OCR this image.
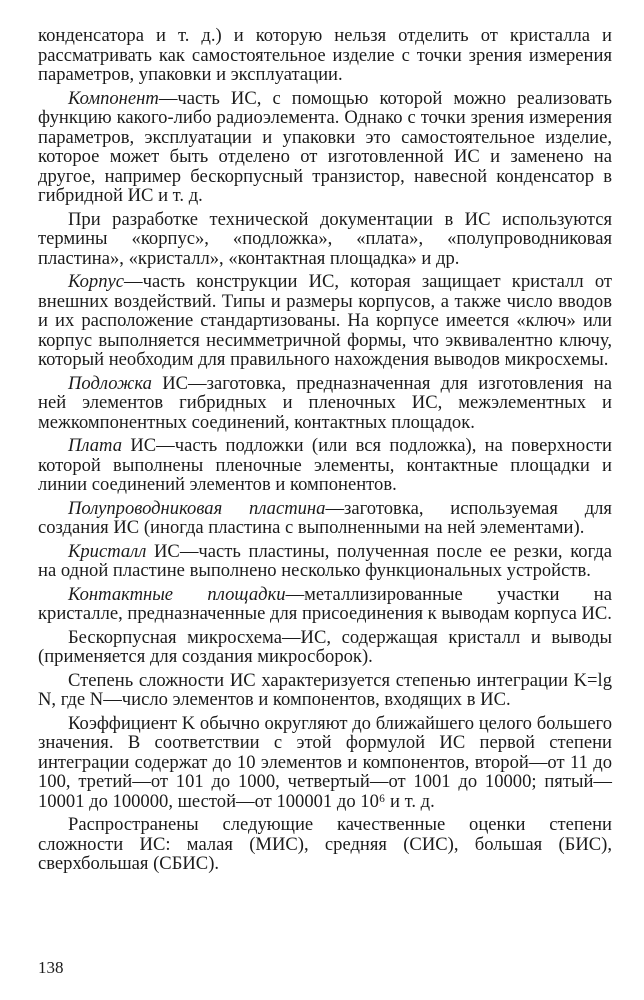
конденсатора и т. д.) и которую нельзя отделить от кристалла и рассматривать как самостоятельное изделие с точки зрения измерения параметров, упаковки и эксплуатации.

Компонент—часть ИС, с помощью которой можно реализовать функцию какого-либо радиоэлемента. Однако с точки зрения измерения параметров, эксплуатации и упаковки это самостоятельное изделие, которое может быть отделено от изготовленной ИС и заменено на другое, например бескорпусный транзистор, навесной конденсатор в гибридной ИС и т. д.

При разработке технической документации в ИС используются термины «корпус», «подложка», «плата», «полупроводниковая пластина», «кристалл», «контактная площадка» и др.

Корпус—часть конструкции ИС, которая защищает кристалл от внешних воздействий. Типы и размеры корпусов, а также число вводов и их расположение стандартизованы. На корпусе имеется «ключ» или корпус выполняется несимметричной формы, что эквивалентно ключу, который необходим для правильного нахождения выводов микросхемы.

Подложка ИС—заготовка, предназначенная для изготовления на ней элементов гибридных и пленочных ИС, межэлементных и межкомпонентных соединений, контактных площадок.

Плата ИС—часть подложки (или вся подложка), на поверхности которой выполнены пленочные элементы, контактные площадки и линии соединений элементов и компонентов.

Полупроводниковая пластина—заготовка, используемая для создания ИС (иногда пластина с выполненными на ней элементами).

Кристалл ИС—часть пластины, полученная после ее резки, когда на одной пластине выполнено несколько функциональных устройств.

Контактные площадки—металлизированные участки на кристалле, предназначенные для присоединения к выводам корпуса ИС.

Бескорпусная микросхема—ИС, содержащая кристалл и выводы (применяется для создания микросборок).

Степень сложности ИС характеризуется степенью интеграции K=lg N, где N—число элементов и компонентов, входящих в ИС.

Коэффициент K обычно округляют до ближайшего целого большего значения. В соответствии с этой формулой ИС первой степени интеграции содержат до 10 элементов и компонентов, второй—от 11 до 100, третий—от 101 до 1000, четвертый—от 1001 до 10000; пятый—10001 до 100000, шестой—от 100001 до 10⁶ и т. д.

Распространены следующие качественные оценки степени сложности ИС: малая (МИС), средняя (СИС), большая (БИС), сверхбольшая (СБИС).

138
